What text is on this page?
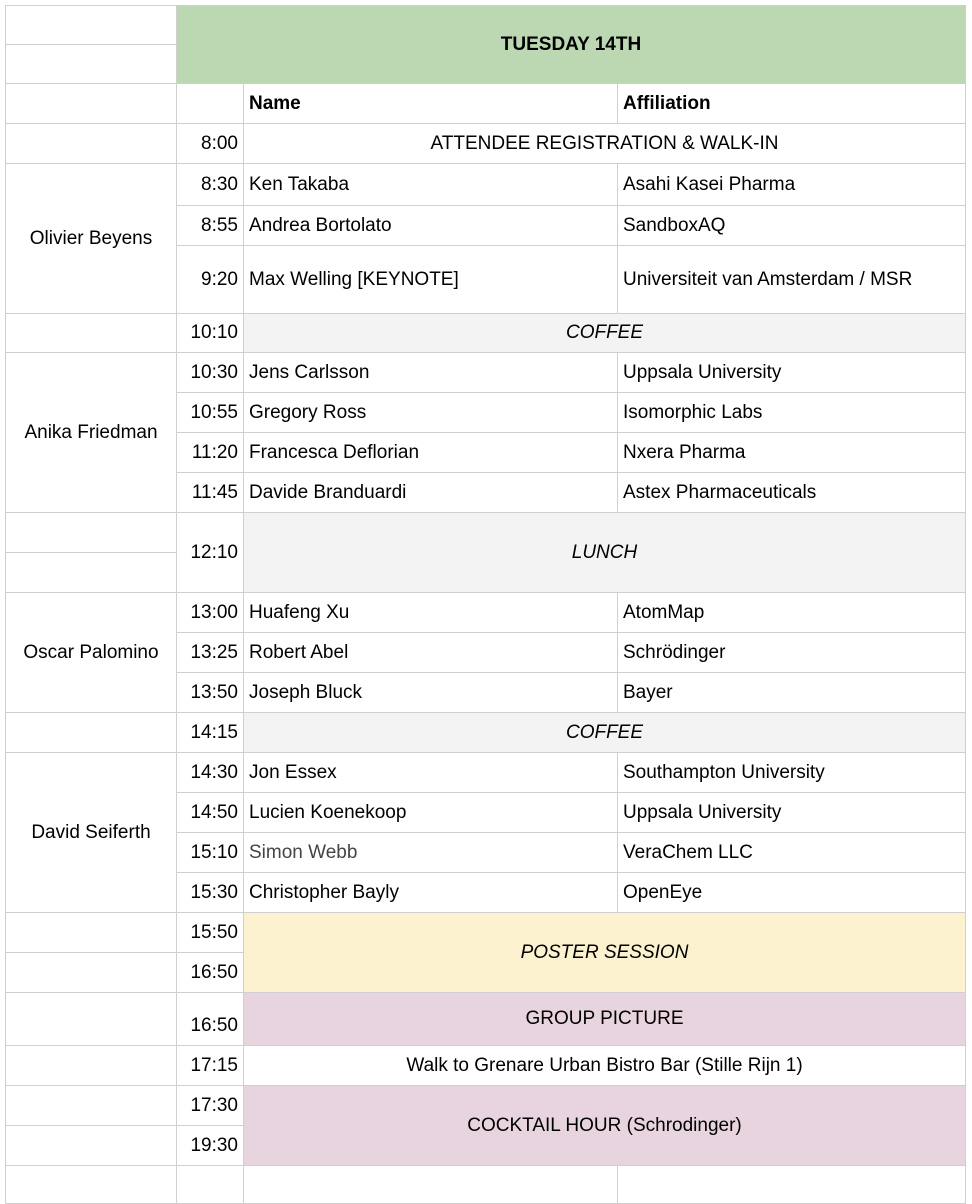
	TUESDAY 14TH		

		Name	Affiliation
	8:00	ATTENDEE REGISTRATION & WALK-IN	
Olivier Beyens	8:30	Ken Takaba	Asahi Kasei Pharma
	8:55	Andrea Bortolato	SandboxAQ
	9:20	Max Welling [KEYNOTE]	Universiteit van Amsterdam / MSR
	10:10	COFFEE	
Anika Friedman	10:30	Jens Carlsson	Uppsala University
	10:55	Gregory Ross	Isomorphic Labs
	11:20	Francesca Deflorian	Nxera Pharma
	11:45	Davide Branduardi	Astex Pharmaceuticals
	12:10	LUNCH	

Oscar Palomino	13:00	Huafeng Xu	AtomMap
	13:25	Robert Abel	Schrödinger
	13:50	Joseph Bluck	Bayer
	14:15	COFFEE	
David Seiferth	14:30	Jon Essex	Southampton University
	14:50	Lucien Koenekoop	Uppsala University
	15:10	Simon Webb	VeraChem LLC
	15:30	Christopher Bayly	OpenEye
	15:50	POSTER SESSION	
	16:50		
	16:50	GROUP PICTURE	
	17:15	Walk to Grenare Urban Bistro Bar (Stille Rijn 1)	
	17:30	COCKTAIL HOUR (Schrodinger)	
	19:30		
